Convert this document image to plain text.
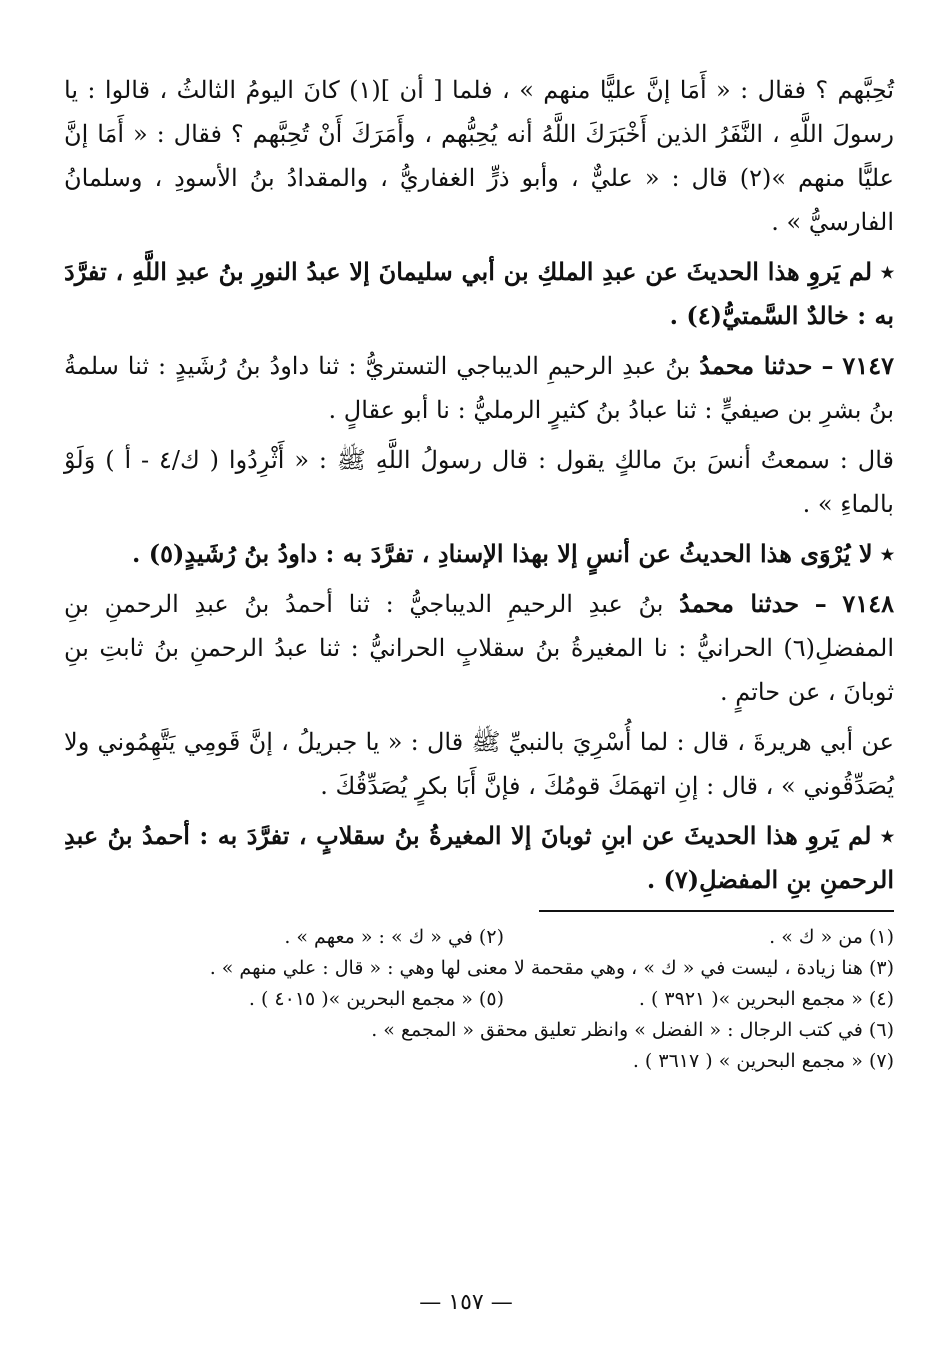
تُحِبَّهم ؟ فقال : « أَمَا إنَّ عليًّا منهم » ، فلما [ أن ](١) كانَ اليومُ الثالثُ ، قالوا : يا رسولَ اللَّهِ ، النَّفَرُ الذين أَخْبَرَكَ اللَّهُ أنه يُحِبُّهم ، وأَمَرَكَ أَنْ تُحِبَّهم ؟ فقال : « أَمَا إنَّ عليًّا منهم »(٢) قال : « عليٌّ ، وأبو ذرٍّ الغفاريُّ ، والمقدادُ بنُ الأسودِ ، وسلمانُ الفارسيُّ » .

٭ لم يَروِ هذا الحديثَ عن عبدِ الملكِ بن أبي سليمانَ إلا عبدُ النورِ بنُ عبدِ اللَّهِ ، تفرَّدَ به : خالدٌ السَّمتيُّ(٤) .

٧١٤٧ – حدثنا محمدُ بنُ عبدِ الرحيمِ الديباجي التستريُّ : ثنا داودُ بنُ رُشَيدٍ : ثنا سلمةُ بنُ بشرِ بن صيفيٍّ : ثنا عبادُ بنُ كثيرٍ الرمليُّ : نا أبو عقالٍ .

قال : سمعتُ أنسَ بنَ مالكٍ يقول : قال رسولُ اللَّهِ ﷺ : « أَثْرِدُوا ( ك/٤ - أ ) وَلَوْ بالماءِ » .

٭ لا يُرْوَى هذا الحديثُ عن أنسٍ إلا بهذا الإسنادِ ، تفرَّدَ به : داودُ بنُ رُشَيدٍ(٥) .

٧١٤٨ – حدثنا محمدُ بنُ عبدِ الرحيمِ الديباجيُّ : ثنا أحمدُ بنُ عبدِ الرحمنِ بنِ المفضلِ(٦) الحرانيُّ : نا المغيرةُ بنُ سقلابٍ الحرانيُّ : ثنا عبدُ الرحمنِ بنُ ثابتِ بنِ ثوبانَ ، عن حاتمٍ .

عن أبي هريرةَ ، قال : لما أُسْرِيَ بالنبيِّ ﷺ قال : « يا جبريلُ ، إنَّ قَومِي يَتَّهِمُوني ولا يُصَدِّقُوني » ، قال : إنِ اتهمَكَ قومُكَ ، فإنَّ أَبَا بكرٍ يُصَدِّقُكَ .

٭ لم يَروِ هذا الحديثَ عن ابنِ ثوبانَ إلا المغيرةُ بنُ سقلابٍ ، تفرَّدَ به : أحمدُ بنُ عبدِ الرحمنِ بنِ المفضلِ(٧) .

(١) من « ك » .
(٢) في « ك » : « معهم » .
(٣) هنا زيادة ، ليست في « ك » ، وهي مقحمة لا معنى لها وهي : « قال : علي منهم » .
(٤) « مجمع البحرين »( ٣٩٢١ ) .
(٥) « مجمع البحرين »( ٤٠١٥ ) .
(٦) في كتب الرجال : « الفضل » وانظر تعليق محقق « المجمع » .
(٧) « مجمع البحرين » ( ٣٦١٧ ) .
— ١٥٧ —
